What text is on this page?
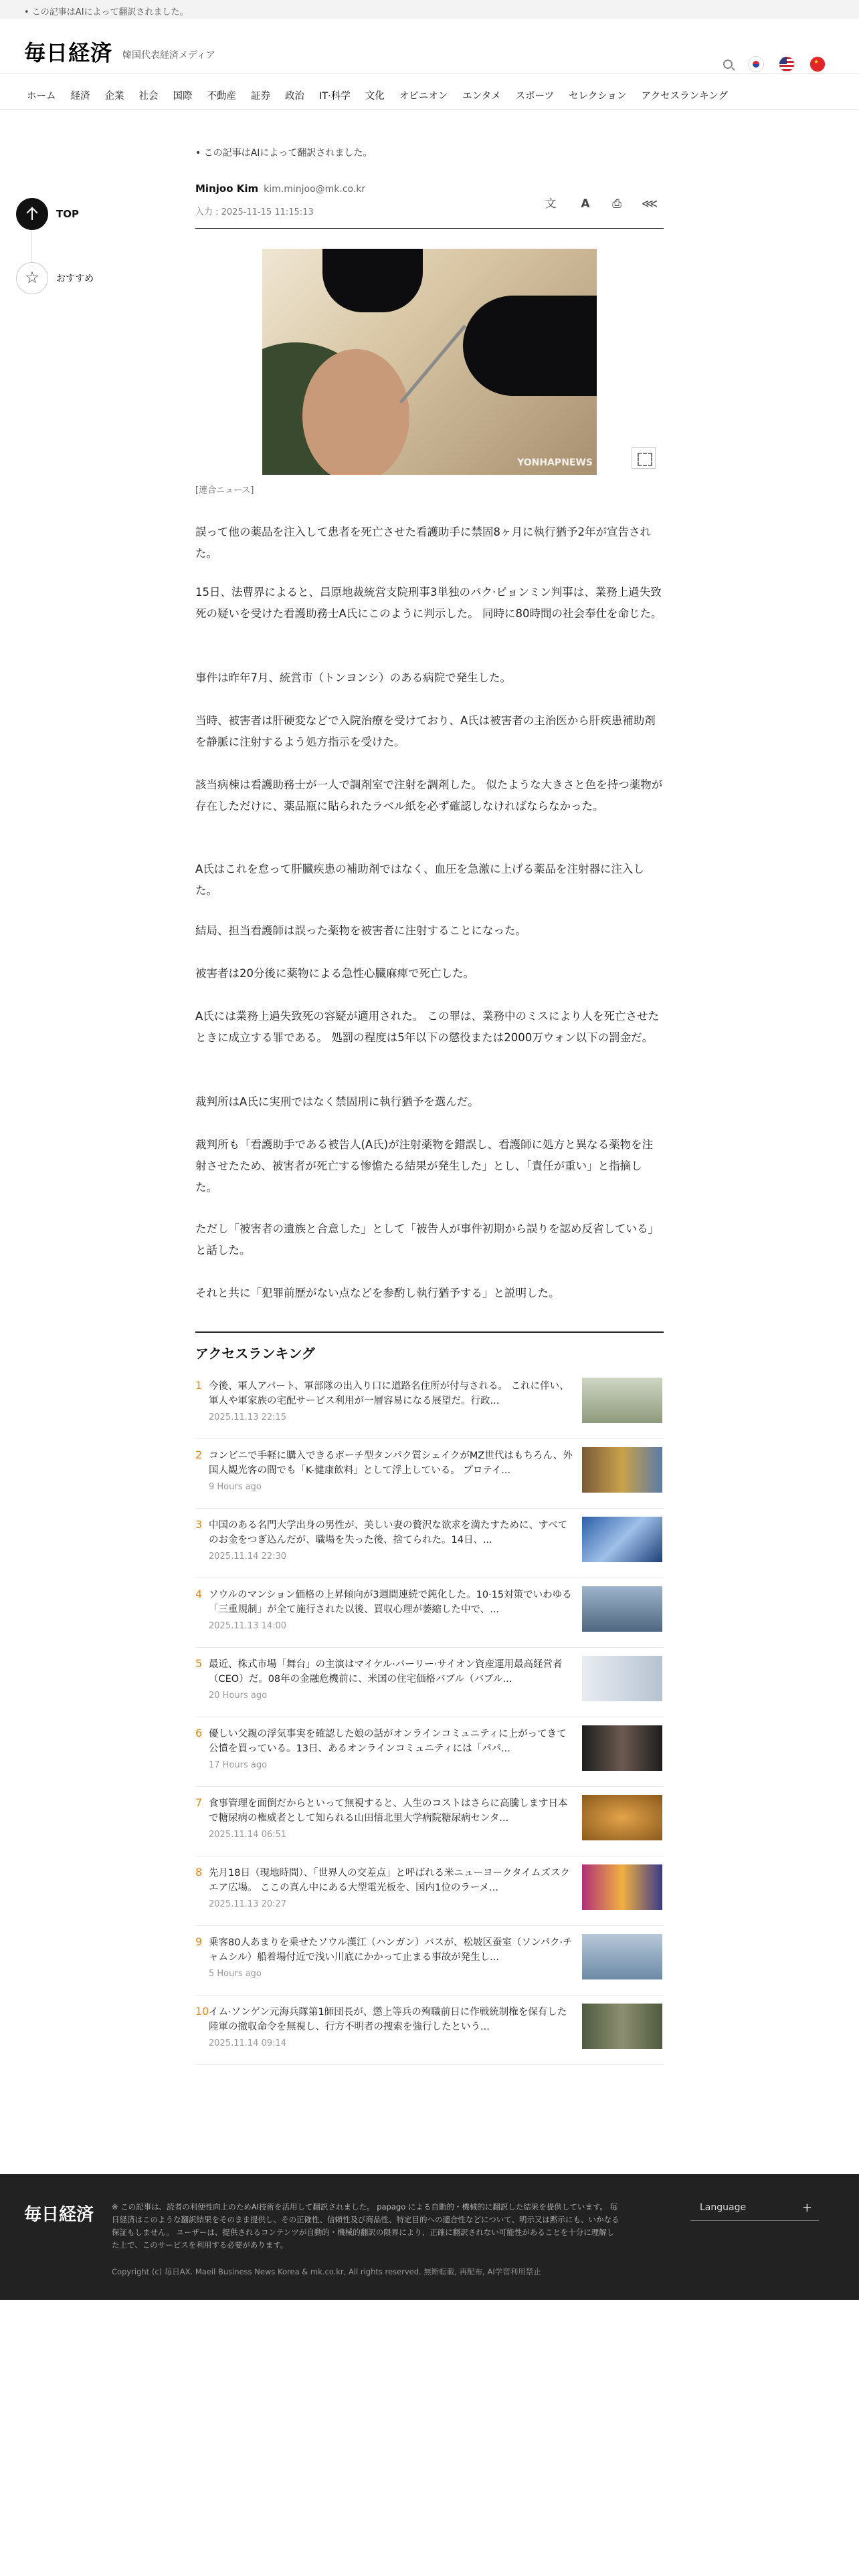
• この記事はAIによって翻訳されました。
毎日経済 韓国代表経済メディア
★
ホーム 経済 企業 社会 国際 不動産 証券 政治 IT·科学 文化 オピニオン エンタメ スポーツ セレクション アクセスランキング
TOP
☆	おすすめ
• この記事はAIによって翻訳されました。
Minjoo Kim kim.minjoo@mk.co.kr
入力 : 2025-11-15 11:15:13
文	A	⎙	⋘
YONHAPNEWS
[連合ニュース]

誤って他の薬品を注入して患者を死亡させた看護助手に禁固8ヶ月に執行猶予2年が宣告された。

15日、法曹界によると、昌原地裁統営支院刑事3単独のパク·ビョンミン判事は、業務上過失致死の疑いを受けた看護助務士A氏にこのように判示した。 同時に80時間の社会奉仕を命じた。

事件は昨年7月、統営市（トンヨンシ）のある病院で発生した。

当時、被害者は肝硬変などで入院治療を受けており、A氏は被害者の主治医から肝疾患補助剤を静脈に注射するよう処方指示を受けた。

該当病棟は看護助務士が一人で調剤室で注射を調剤した。 似たような大きさと色を持つ薬物が存在しただけに、薬品瓶に貼られたラベル紙を必ず確認しなければならなかった。

A氏はこれを怠って肝臓疾患の補助剤ではなく、血圧を急激に上げる薬品を注射器に注入した。

結局、担当看護師は誤った薬物を被害者に注射することになった。

被害者は20分後に薬物による急性心臓麻痺で死亡した。

A氏には業務上過失致死の容疑が適用された。 この罪は、業務中のミスにより人を死亡させたときに成立する罪である。 処罰の程度は5年以下の懲役または2000万ウォン以下の罰金だ。

裁判所はA氏に実刑ではなく禁固刑に執行猶予を選んだ。

裁判所も「看護助手である被告人(A氏)が注射薬物を錯誤し、看護師に処方と異なる薬物を注射させたため、被害者が死亡する惨憺たる結果が発生した」とし、「責任が重い」と指摘した。

ただし「被害者の遺族と合意した」として「被告人が事件初期から誤りを認め反省している」と話した。

それと共に「犯罪前歴がない点などを参酌し執行猶予する」と説明した。

アクセスランキング
1 今後、軍人アパート、軍部隊の出入り口に道路名住所が付与される。 これに伴い、軍人や軍家族の宅配サービス利用が一層容易になる展望だ。行政...
2025.11.13 22:15
2 コンビニで手軽に購入できるポーチ型タンパク質シェイクがMZ世代はもちろん、外国人観光客の間でも「K-健康飲料」として浮上している。 プロテイ...
9 Hours ago
3 中国のある名門大学出身の男性が、美しい妻の贅沢な欲求を満たすために、すべてのお金をつぎ込んだが、職場を失った後、捨てられた。14日、...
2025.11.14 22:30
4 ソウルのマンション価格の上昇傾向が3週間連続で鈍化した。10·15対策でいわゆる「三重規制」が全て施行された以後、買収心理が萎縮した中で、...
2025.11.13 14:00
5 最近、株式市場「舞台」の主演はマイケル·バーリー·サイオン資産運用最高経営者（CEO）だ。08年の金融危機前に、米国の住宅価格バブル（バブル...
20 Hours ago
6 優しい父親の浮気事実を確認した娘の話がオンラインコミュニティに上がってきて公憤を買っている。13日、あるオンラインコミュニティには「パパ...
17 Hours ago
7 食事管理を面倒だからといって無視すると、人生のコストはさらに高騰します日本で糖尿病の権威者として知られる山田悟北里大学病院糖尿病センタ...
2025.11.14 06:51
8 先月18日（現地時間）、「世界人の交差点」と呼ばれる米ニューヨークタイムズスクエア広場。 ここの真ん中にある大型電光板を、国内1位のラーメ...
2025.11.13 20:27
9 乗客80人あまりを乗せたソウル漢江（ハンガン）バスが、松坡区蚕室（ソンパク·チャムシル）船着場付近で浅い川底にかかって止まる事故が発生し...
5 Hours ago
10 イム·ソンゲン元海兵隊第1師団長が、懲上等兵の殉職前日に作戦統制権を保有した陸軍の撤収命令を無視し、行方不明者の捜索を強行したという...
2025.11.14 09:14
毎日経済 ※ この記事は、読者の利便性向上のためAI技術を活用して翻訳されました。 papago による自動的・機械的に翻訳した結果を提供しています。 毎日経済はこのような翻訳結果をそのまま提供し、その正確性、信頼性及び商品性、特定目的への適合性などについて、明示又は黙示にも、いかなる保証もしません。 ユーザーは、提供されるコンテンツが自動的・機械的翻訳の限界により、正確に翻訳されない可能性があることを十分に理解した上で、このサービスを利用する必要があります。
Copyright (c) 毎日AX. Maeil Business News Korea & mk.co.kr, All rights reserved. 無断転載, 再配布, AI学習利用禁止
Language	+
